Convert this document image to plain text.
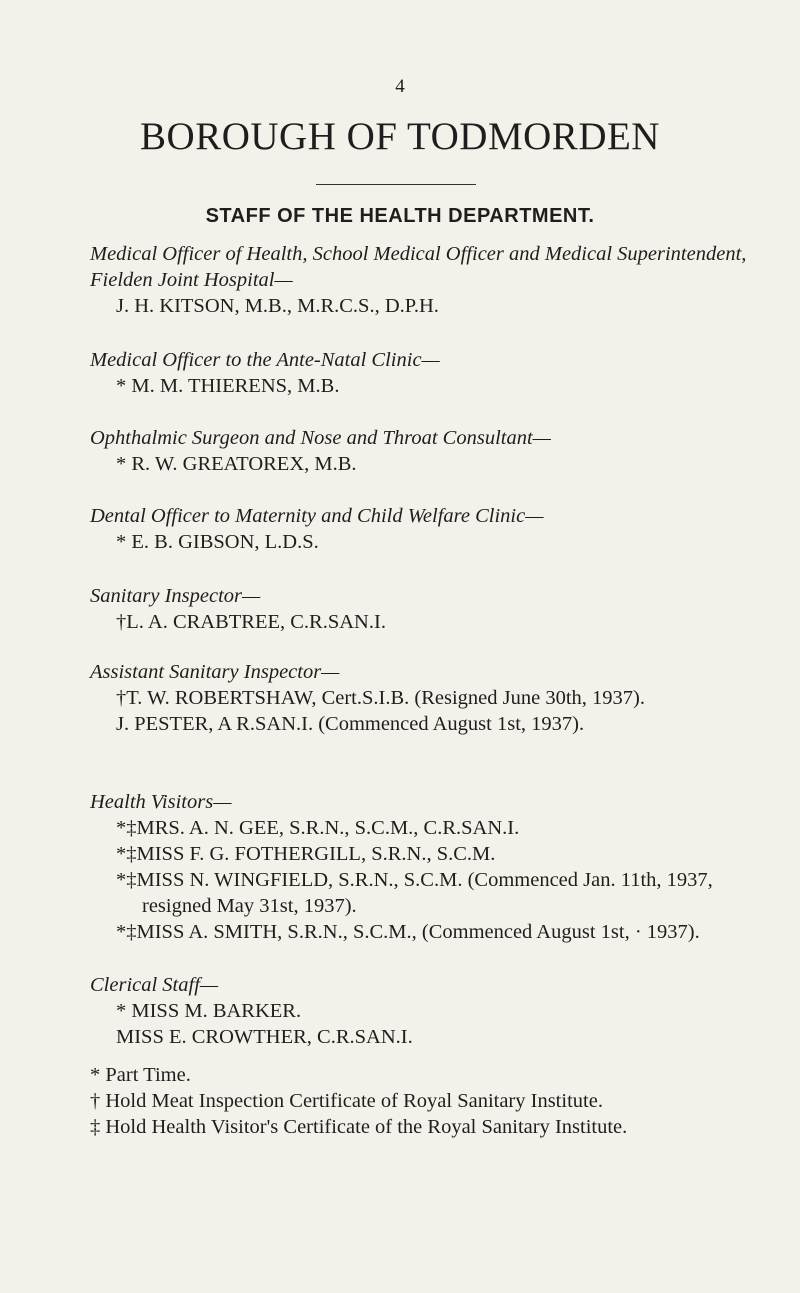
4
BOROUGH OF TODMORDEN
STAFF OF THE HEALTH DEPARTMENT.
Medical Officer of Health, School Medical Officer and Medical Superintendent, Fielden Joint Hospital—
J. H. KITSON, M.B., M.R.C.S., D.P.H.
Medical Officer to the Ante-Natal Clinic—
* M. M. THIERENS, M.B.
Ophthalmic Surgeon and Nose and Throat Consultant—
* R. W. GREATOREX, M.B.
Dental Officer to Maternity and Child Welfare Clinic—
* E. B. GIBSON, L.D.S.
Sanitary Inspector—
†L. A. CRABTREE, C.R.SAN.I.
Assistant Sanitary Inspector—
†T. W. ROBERTSHAW, Cert.S.I.B. (Resigned June 30th, 1937).
J. PESTER, A R.SAN.I. (Commenced August 1st, 1937).
Health Visitors—
*‡MRS. A. N. GEE, S.R.N., S.C.M., C.R.SAN.I.
*‡MISS F. G. FOTHERGILL, S.R.N., S.C.M.
*‡MISS N. WINGFIELD, S.R.N., S.C.M. (Commenced Jan. 11th, 1937, resigned May 31st, 1937).
*‡MISS A. SMITH, S.R.N., S.C.M., (Commenced August 1st, · 1937).
Clerical Staff—
* MISS M. BARKER.
MISS E. CROWTHER, C.R.SAN.I.
* Part Time.
† Hold Meat Inspection Certificate of Royal Sanitary Institute.
‡ Hold Health Visitor's Certificate of the Royal Sanitary Institute.
